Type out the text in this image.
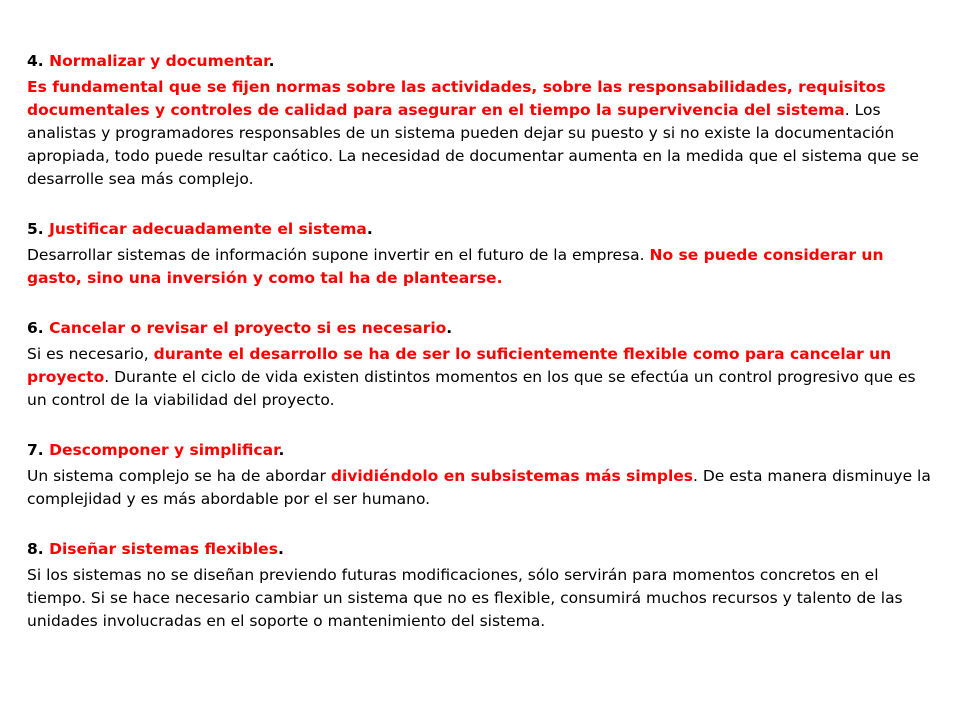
4. Normalizar y documentar.

Es fundamental que se fijen normas sobre las actividades, sobre las responsabilidades, requisitos documentales y controles de calidad para asegurar en el tiempo la supervivencia del sistema. Los analistas y programadores responsables de un sistema pueden dejar su puesto y si no existe la documentación apropiada, todo puede resultar caótico. La necesidad de documentar aumenta en la medida que el sistema que se desarrolle sea más complejo.

5. Justificar adecuadamente el sistema.

Desarrollar sistemas de información supone invertir en el futuro de la empresa. No se puede considerar un gasto, sino una inversión y como tal ha de plantearse.

6. Cancelar o revisar el proyecto si es necesario.

Si es necesario, durante el desarrollo se ha de ser lo suficientemente flexible como para cancelar un proyecto. Durante el ciclo de vida existen distintos momentos en los que se efectúa un control progresivo que es un control de la viabilidad del proyecto.

7. Descomponer y simplificar.

Un sistema complejo se ha de abordar dividiéndolo en subsistemas más simples. De esta manera disminuye la complejidad y es más abordable por el ser humano.

8. Diseñar sistemas flexibles.

Si los sistemas no se diseñan previendo futuras modificaciones, sólo servirán para momentos concretos en el tiempo. Si se hace necesario cambiar un sistema que no es flexible, consumirá muchos recursos y talento de las unidades involucradas en el soporte o mantenimiento del sistema.
